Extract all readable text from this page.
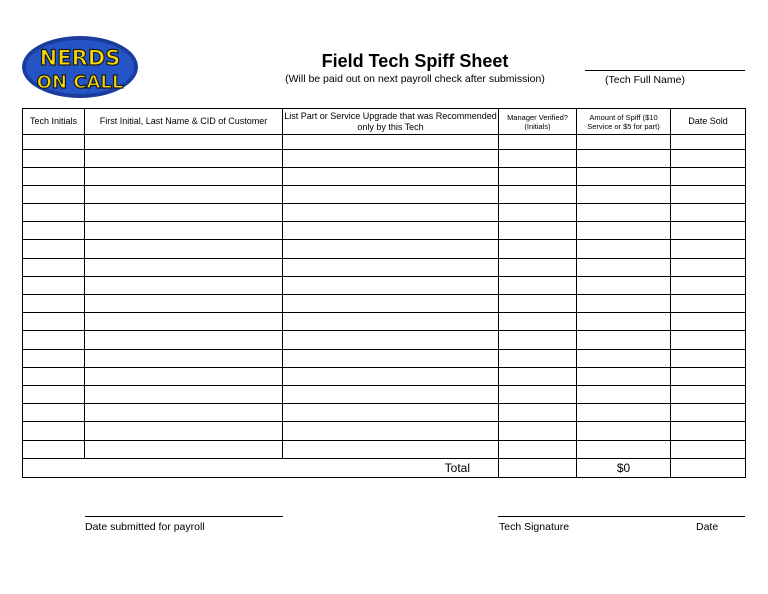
NERDS
ON CALL
Field Tech Spiff Sheet
(Will be paid out on next payroll check after submission)	(Tech Full Name)
Tech Initials	First Initial, Last Name & CID of Customer	List Part or Service Upgrade that was Recommended only by this Tech	Manager Verified? (Initials)	Amount of Spiff ($10 Service or $5 for part)	Date Sold

Total				$0	
Date submitted for payroll	Tech Signature	Date
